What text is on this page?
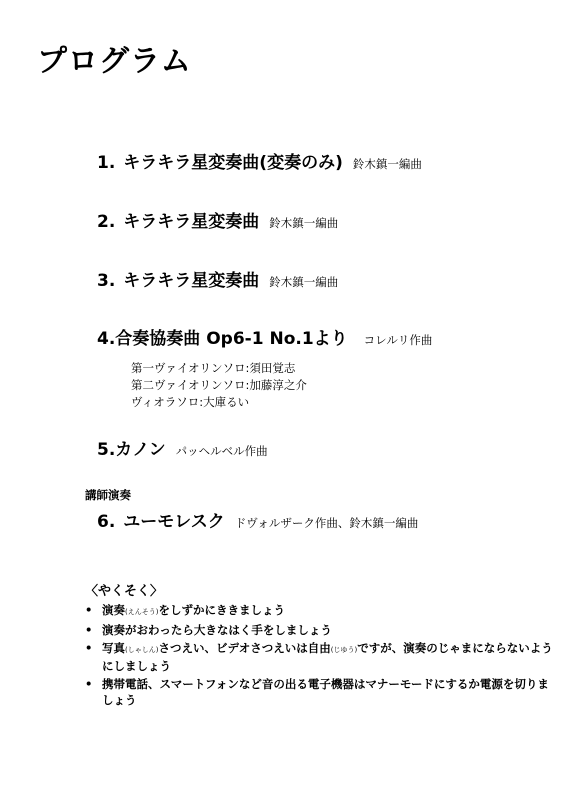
プログラム
1. キラキラ星変奏曲(変奏のみ) 鈴木鎮一編曲
2. キラキラ星変奏曲 鈴木鎮一編曲
3. キラキラ星変奏曲 鈴木鎮一編曲
4. 合奏協奏曲 Op6-1 No.1より コレルリ作曲
第一ヴァイオリンソロ:須田覚志
第二ヴァイオリンソロ:加藤淳之介
ヴィオラソロ:大庫るい
5. カノン パッヘルベル作曲
講師演奏
6. ユーモレスク ドヴォルザーク作曲、鈴木鎮一編曲
〈やくそく〉
• 演奏(えんそう)をしずかにききましょう
• 演奏がおわったら大きなはく手をしましょう
• 写真(しゃしん)さつえい、ビデオさつえいは自由(じゆう)ですが、演奏のじゃまにならないようにしましょう
• 携帯電話、スマートフォンなど音の出る電子機器はマナーモードにするか電源を切りましょう
